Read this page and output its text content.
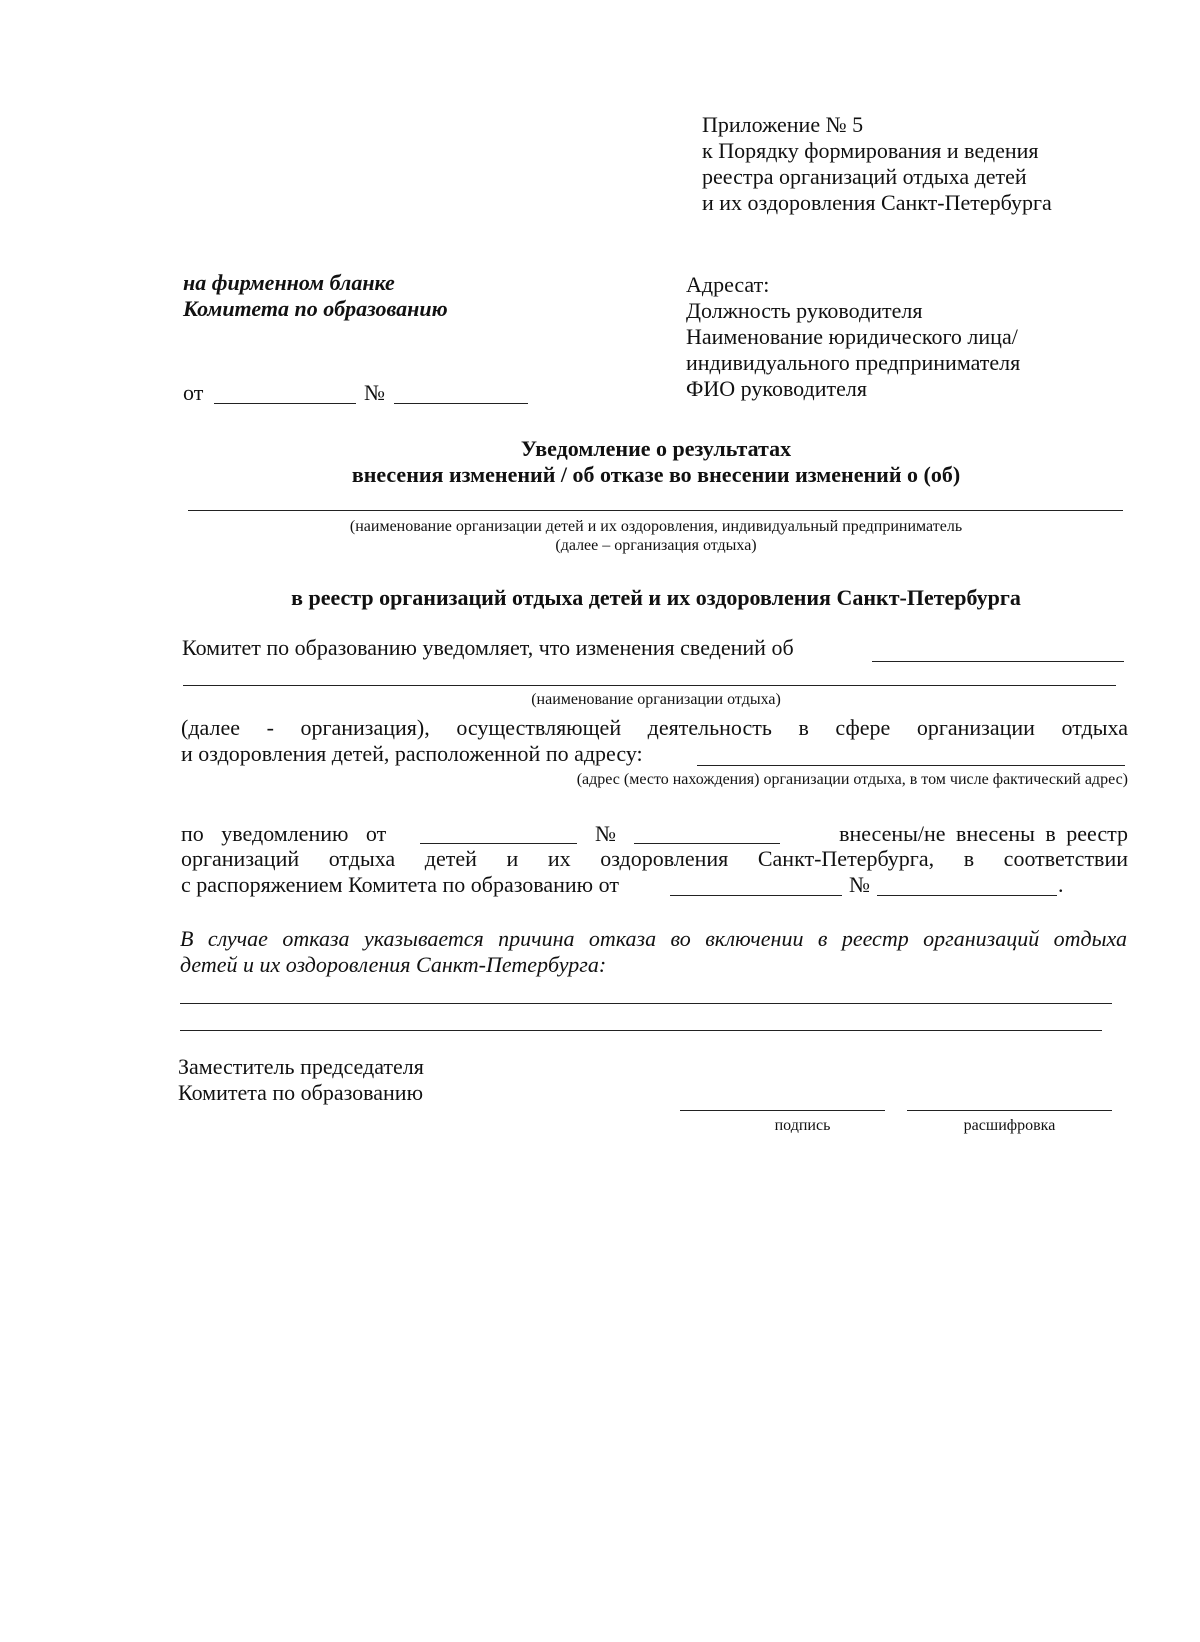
Приложение № 5
к Порядку формирования и ведения
реестра организаций отдыха детей
и их оздоровления Санкт-Петербурга
на фирменном бланке
Комитета по образованию
Адресат:
Должность руководителя
Наименование юридического лица/
индивидуального предпринимателя
ФИО руководителя
от	№
Уведомление о результатах
внесения изменений / об отказе во внесении изменений о (об)
(наименование организации детей и их оздоровления, индивидуальный предприниматель
(далее – организация отдыха)
в реестр организаций отдыха детей и их оздоровления Санкт-Петербурга
Комитет по образованию уведомляет, что изменения сведений об
(наименование организации отдыха)
(далее - организация), осуществляющей деятельность в сфере организации отдыха
и оздоровления детей, расположенной по адресу:
(адрес (место нахождения) организации отдыха, в том числе фактический адрес)
по уведомлению от	№	внесены/не внесены в реестр
организаций отдыха детей и их оздоровления Санкт-Петербурга, в соответствии
с распоряжением Комитета по образованию от	№	.
В случае отказа указывается причина отказа во включении в реестр организаций отдыха
детей и их оздоровления Санкт-Петербурга:
Заместитель председателя
Комитета по образованию
подпись	расшифровка
